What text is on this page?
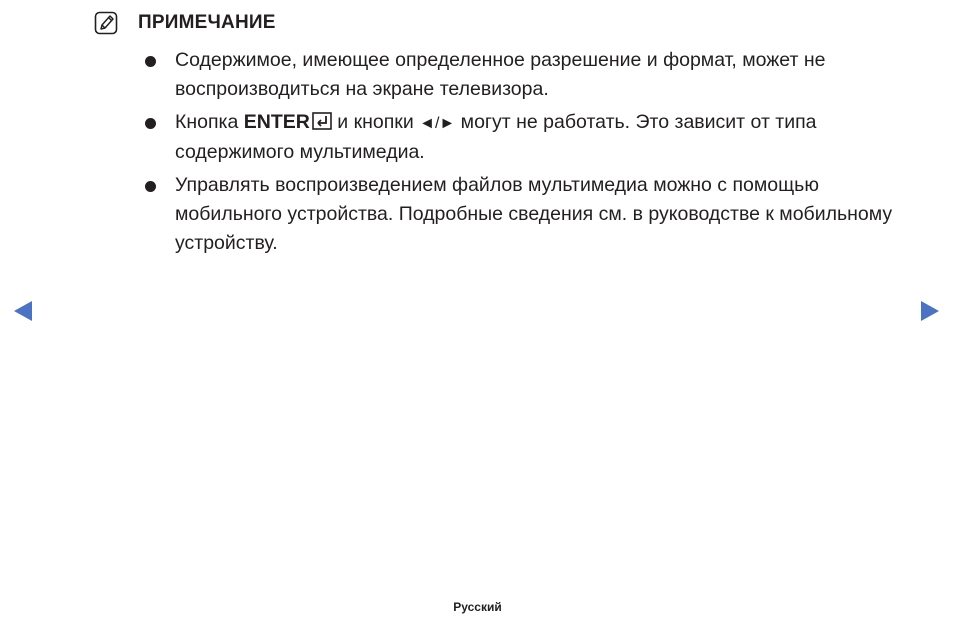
ПРИМЕЧАНИЕ
Содержимое, имеющее определенное разрешение и формат, может не воспроизводиться на экране телевизора.
Кнопка ENTER и кнопки ◄/► могут не работать. Это зависит от типа содержимого мультимедиа.
Управлять воспроизведением файлов мультимедиа можно с помощью мобильного устройства. Подробные сведения см. в руководстве к мобильному устройству.
Русский
